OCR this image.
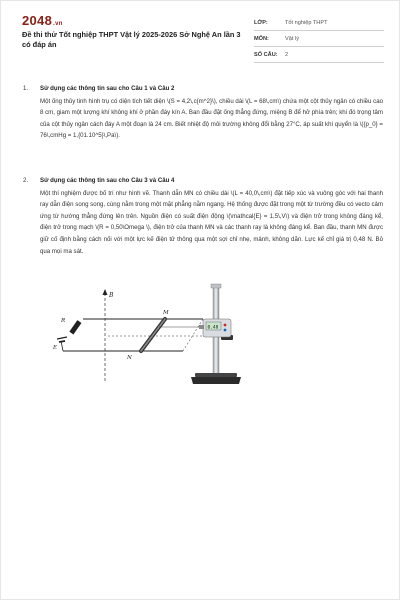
2048.vn
Đề thi thử Tốt nghiệp THPT Vật lý 2025-2026 Sở Nghệ An lần 3 có đáp án
LỚP:	Tốt nghiệp THPT
MÔN:	Vật lý
SỐ CÂU:	2
1.	Sử dụng các thông tin sau cho Câu 1 và Câu 2
Một ống thủy tinh hình trụ có diện tích tiết diện \(S = 4,2\,c{m^2}\), chiều dài \(L = 68\,cm\) chứa một cột thủy ngân có chiều cao 8 cm, giam một lượng khí không khí ở phần đáy kín A. Ban đầu đặt ống thẳng đứng, miệng B để hở phía trên; khi đó trọng tâm của cột thủy ngân cách đáy A một đoạn là 24 cm. Biết nhiệt độ môi trường không đổi bằng 27°C, áp suất khí quyển là \({p_0} = 76\,cmHg = 1,{01.10^5}\,Pa\).
2.	Sử dụng các thông tin sau cho Câu 3 và Câu 4
Một thí nghiệm được bố trí như hình vẽ. Thanh dẫn MN có chiều dài \(L = 40,0\,cm\) đặt tiếp xúc và vuông góc với hai thanh ray dẫn điện song song, cùng nằm trong một mặt phẳng nằm ngang. Hệ thống được đặt trong một từ trường đều có vecto cảm ứng từ hướng thẳng đứng lên trên. Nguồn điện có suất điện động \(\mathcal{E} = 1,5\,V\) và điện trở trong không đáng kể, điện trở trong mạch \(R = 0,50\Omega \), điện trở của thanh MN và các thanh ray là không đáng kể. Ban đầu, thanh MN được giữ cố định bằng cách nối với một lực kế điện tử thông qua một sợi chỉ nhẹ, mảnh, không dãn. Lực kế chỉ giá trị 0,48 N. Bỏ qua mọi ma sát.
B
R
E
M
N
0.48
